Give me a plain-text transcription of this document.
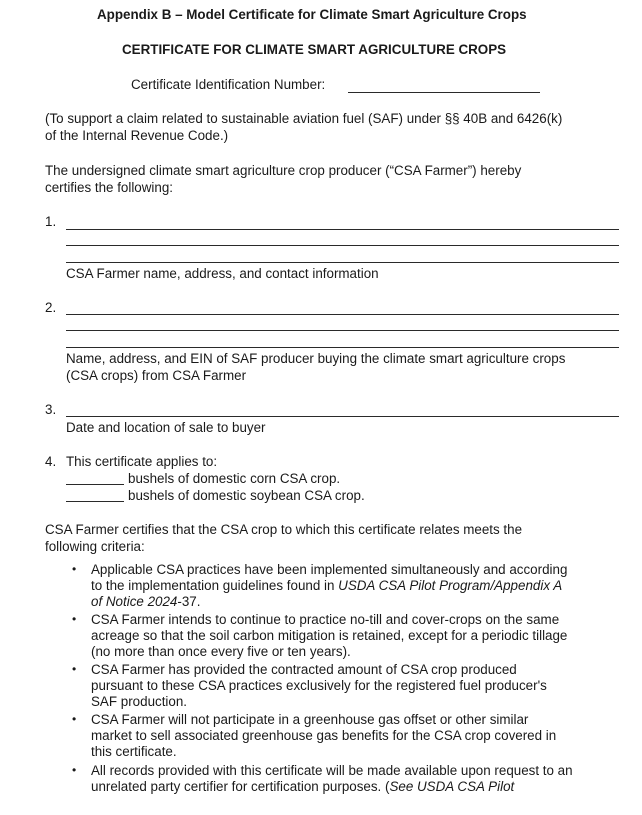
Appendix B – Model Certificate for Climate Smart Agriculture Crops
CERTIFICATE FOR CLIMATE SMART AGRICULTURE CROPS
Certificate Identification Number:
(To support a claim related to sustainable aviation fuel (SAF) under §§ 40B and 6426(k)
of the Internal Revenue Code.)
The undersigned climate smart agriculture crop producer (“CSA Farmer”) hereby
certifies the following:
1.
CSA Farmer name, address, and contact information
2.
Name, address, and EIN of SAF producer buying the climate smart agriculture crops
(CSA crops) from CSA Farmer
3.
Date and location of sale to buyer
4. This certificate applies to:
bushels of domestic corn CSA crop.
bushels of domestic soybean CSA crop.
CSA Farmer certifies that the CSA crop to which this certificate relates meets the
following criteria:
• Applicable CSA practices have been implemented simultaneously and according
to the implementation guidelines found in USDA CSA Pilot Program/Appendix A
of Notice 2024-37.
• CSA Farmer intends to continue to practice no-till and cover-crops on the same
acreage so that the soil carbon mitigation is retained, except for a periodic tillage
(no more than once every five or ten years).
• CSA Farmer has provided the contracted amount of CSA crop produced
pursuant to these CSA practices exclusively for the registered fuel producer's
SAF production.
• CSA Farmer will not participate in a greenhouse gas offset or other similar
market to sell associated greenhouse gas benefits for the CSA crop covered in
this certificate.
• All records provided with this certificate will be made available upon request to an
unrelated party certifier for certification purposes. (See USDA CSA Pilot
